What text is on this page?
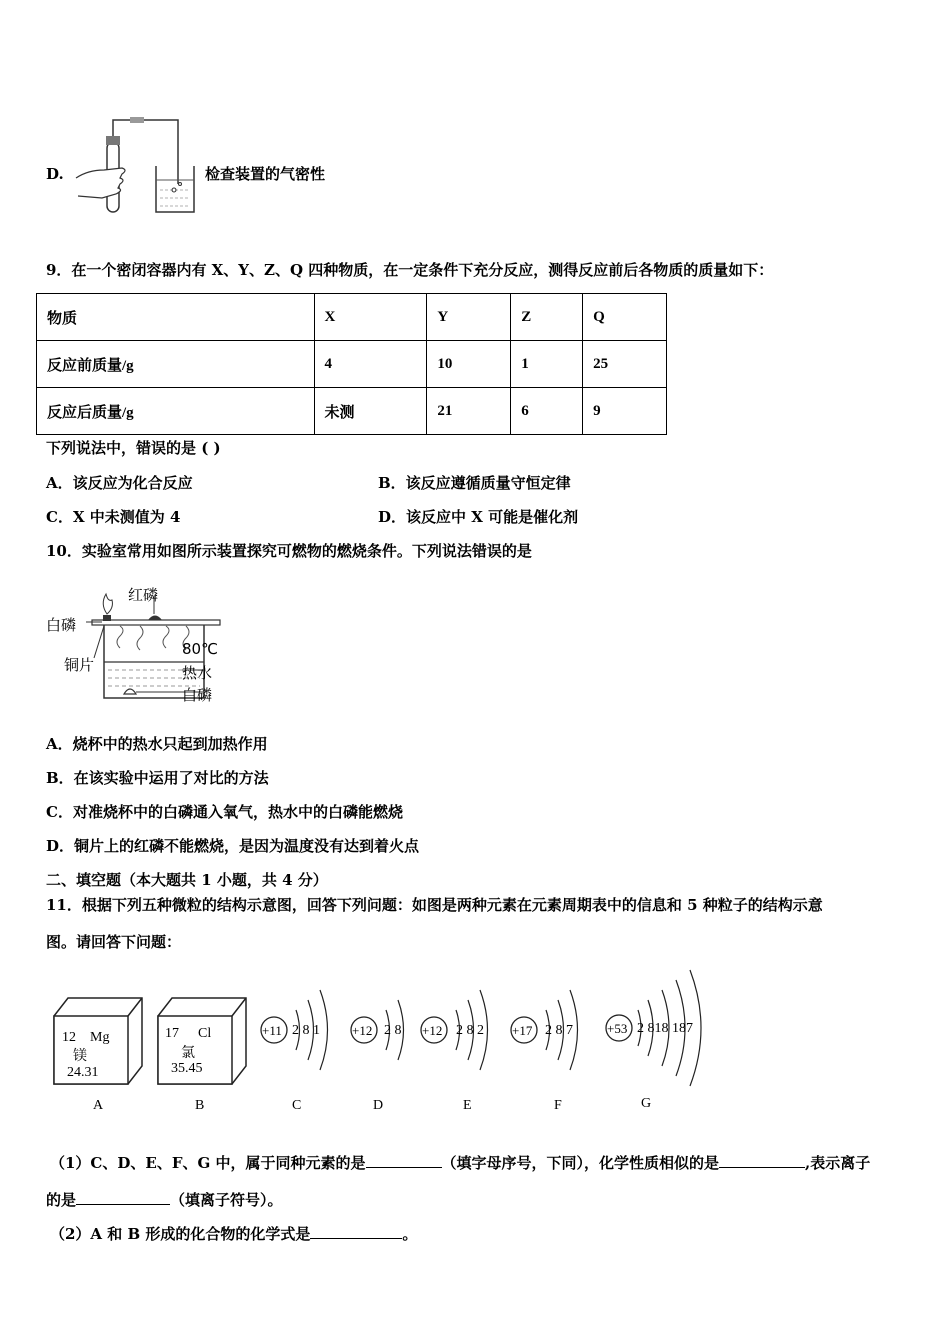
D.	检查装置的气密性
9．在一个密闭容器内有 X、Y、Z、Q 四种物质，在一定条件下充分反应，测得反应前后各物质的质量如下：
物质	X	Y	Z	Q
反应前质量/g	4	10	1	25
反应后质量/g	未测	21	6	9
下列说法中，错误的是 ( )
A．该反应为化合反应	B．该反应遵循质量守恒定律
C．X 中未测值为 4	D．该反应中 X 可能是催化剂
10．实验室常用如图所示装置探究可燃物的燃烧条件。下列说法错误的是
红磷
白磷
铜片
80℃
热水
白磷
A．烧杯中的热水只起到加热作用
B．在该实验中运用了对比的方法
C．对准烧杯中的白磷通入氧气，热水中的白磷能燃烧
D．铜片上的红磷不能燃烧，是因为温度没有达到着火点
二、填空题（本大题共 1 小题，共 4 分）
11．根据下列五种微粒的结构示意图，回答下列问题：如图是两种元素在元素周期表中的信息和 5 种粒子的结构示意
图。请回答下问题：
12 Mg
镁
24.31
17 Cl
氯
35.45
A	B
+11 2 8 1 +12 2 8 +12 2 8 2 +17 2 8 7	+53 2 818 187
C	D	E	F	G
（1）C、D、E、F、G 中，属于同种元素的是	（填字母序号，下同），化学性质相似的是	,表示离子
的是	（填离子符号）。
（2）A 和 B 形成的化合物的化学式是	。
